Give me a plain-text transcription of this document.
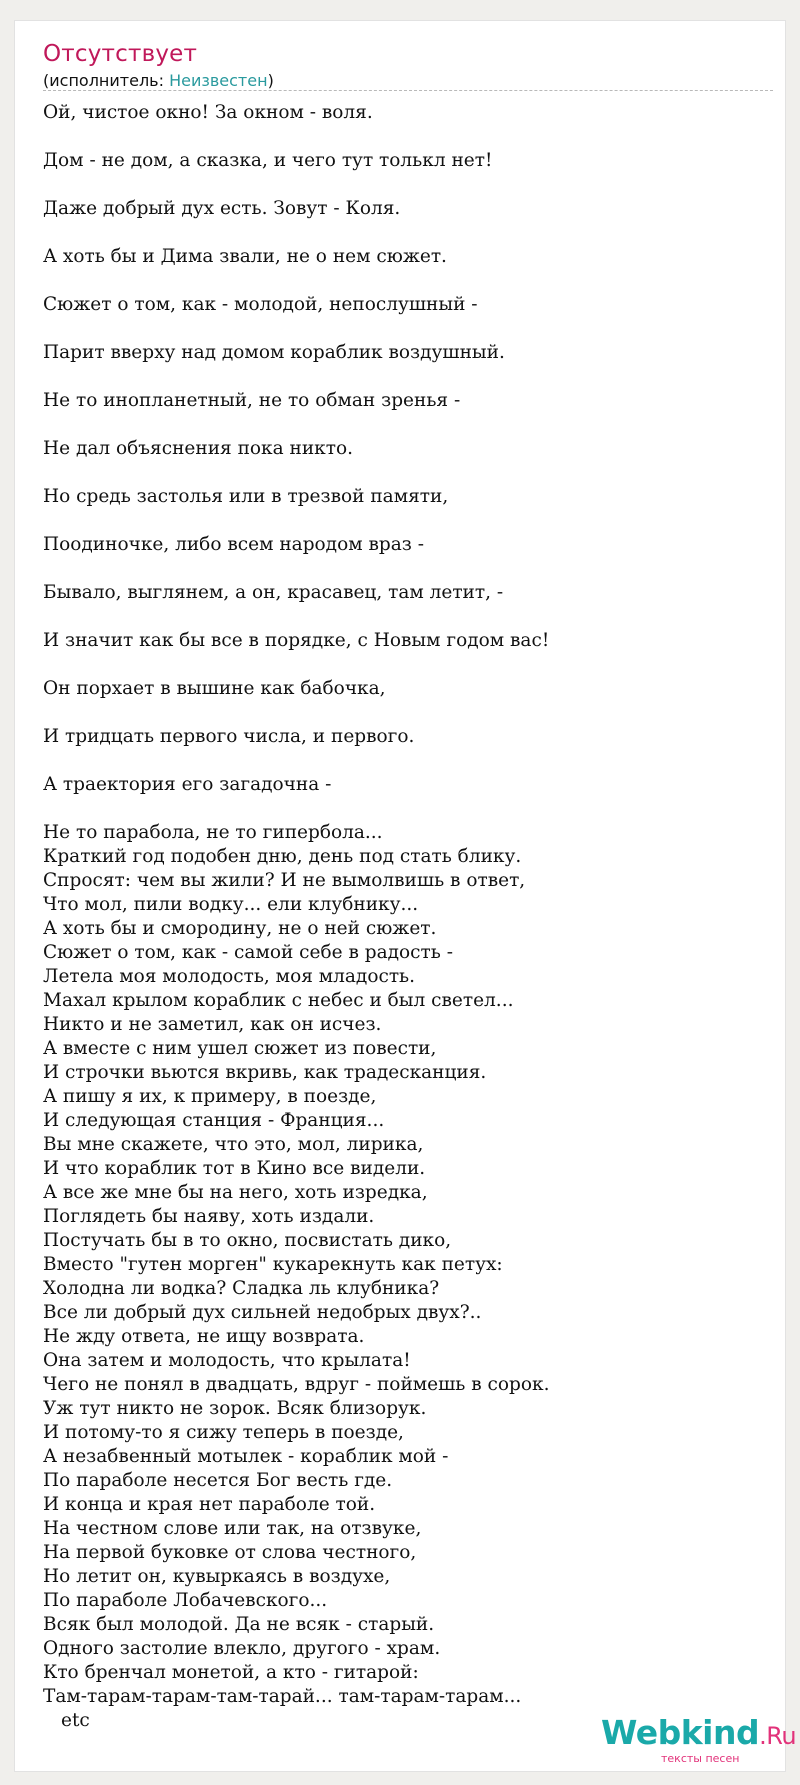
Отсутствует
(исполнитель: Неизвестен)
Ой, чистое окно! За окном - воля.
Дом - не дом, а сказка, и чего тут толькл нет!
Даже добрый дух есть. Зовут - Коля.
А хоть бы и Дима звали, не о нем сюжет.
Сюжет о том, как - молодой, непослушный -
Парит вверху над домом кораблик воздушный.
Не то инопланетный, не то обман зренья -
Не дал объяснения пока никто.
Но средь застолья или в трезвой памяти,
Поодиночке, либо всем народом враз -
Бывало, выглянем, а он, красавец, там летит, -
И значит как бы все в порядке, с Новым годом вас!
Он порхает в вышине как бабочка,
И тридцать первого числа, и первого.
А траектория его загадочна -
Не то парабола, не то гипербола...
Краткий год подобен дню, день под стать блику.
Спросят: чем вы жили? И не вымолвишь в ответ,
Что мол, пили водку... ели клубнику...
А хоть бы и смородину, не о ней сюжет.
Сюжет о том, как - самой себе в радость -
Летела моя молодость, моя младость.
Махал крылом кораблик с небес и был светел...
Никто и не заметил, как он исчез.
А вместе с ним ушел сюжет из повести,
И строчки вьются вкривь, как традесканция.
А пишу я их, к примеру, в поезде,
И следующая станция - Франция...
Вы мне скажете, что это, мол, лирика,
И что кораблик тот в Кино все видели.
А все же мне бы на него, хоть изредка,
Поглядеть бы наяву, хоть издали.
Постучать бы в то окно, посвистать дико,
Вместо "гутен морген" кукарекнуть как петух:
Холодна ли водка? Сладка ль клубника?
Все ли добрый дух сильней недобрых двух?..
Не жду ответа, не ищу возврата.
Она затем и молодость, что крылата!
Чего не понял в двадцать, вдруг - поймешь в сорок.
Уж тут никто не зорок. Всяк близорук.
И потому-то я сижу теперь в поезде,
А незабвенный мотылек - кораблик мой -
По параболе несется Бог весть где.
И конца и края нет параболе той.
На честном слове или так, на отзвуке,
На первой буковке от слова честного,
Но летит он, кувыркаясь в воздухе,
По параболе Лобачевского...
Всяк был молодой. Да не всяк - старый.
Одного застолие влекло, другого - храм.
Кто бренчал монетой, а кто - гитарой:
Там-тарам-тарам-там-тарай... там-тарам-тарам...
etc	Webkind.Ru
тексты песен
